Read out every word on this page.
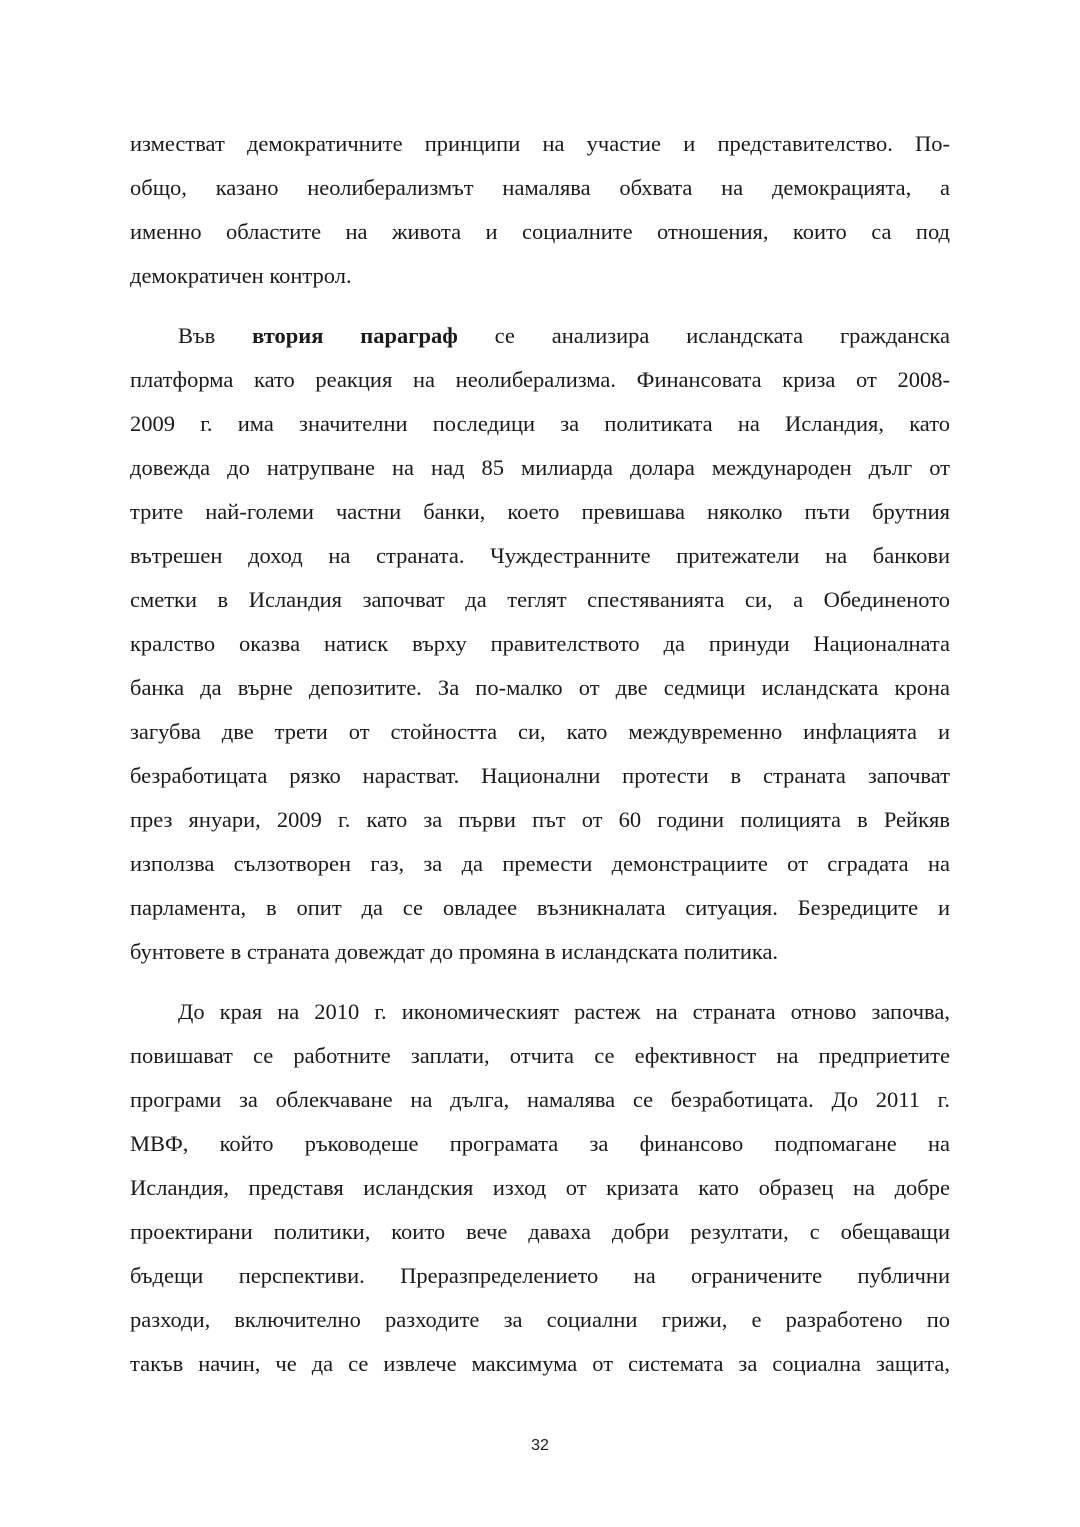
изместват демократичните принципи на участие и представителство. По-
общо, казано неолиберализмът намалява обхвата на демокрацията, а
именно областите на живота и социалните отношения, които са под
демократичен контрол.
Във втория параграф се анализира исландската гражданска
платформа като реакция на неолиберализма. Финансовата криза от 2008-
2009 г. има значителни последици за политиката на Исландия, като
довежда до натрупване на над 85 милиарда долара международен дълг от
трите най-големи частни банки, което превишава няколко пъти брутния
вътрешен доход на страната. Чуждестранните притежатели на банкови
сметки в Исландия започват да теглят спестяванията си, а Обединеното
кралство оказва натиск върху правителството да принуди Националната
банка да върне депозитите. За по-малко от две седмици исландската крона
загубва две трети от стойността си, като междувременно инфлацията и
безработицата рязко нарастват. Национални протести в страната започват
през януари, 2009 г. като за първи път от 60 години полицията в Рейкяв
използва сълзотворен газ, за да премести демонстрациите от сградата на
парламента, в опит да се овладее възникналата ситуация. Безредиците и
бунтовете в страната довеждат до промяна в исландската политика.
До края на 2010 г. икономическият растеж на страната отново започва,
повишават се работните заплати, отчита се ефективност на предприетите
програми за облекчаване на дълга, намалява се безработицата. До 2011 г.
МВФ, който ръководеше програмата за финансово подпомагане на
Исландия, представя исландския изход от кризата като образец на добре
проектирани политики, които вече даваха добри резултати, с обещаващи
бъдещи перспективи. Преразпределението на ограничените публични
разходи, включително разходите за социални грижи, е разработено по
такъв начин, че да се извлече максимума от системата за социална защита,
32
